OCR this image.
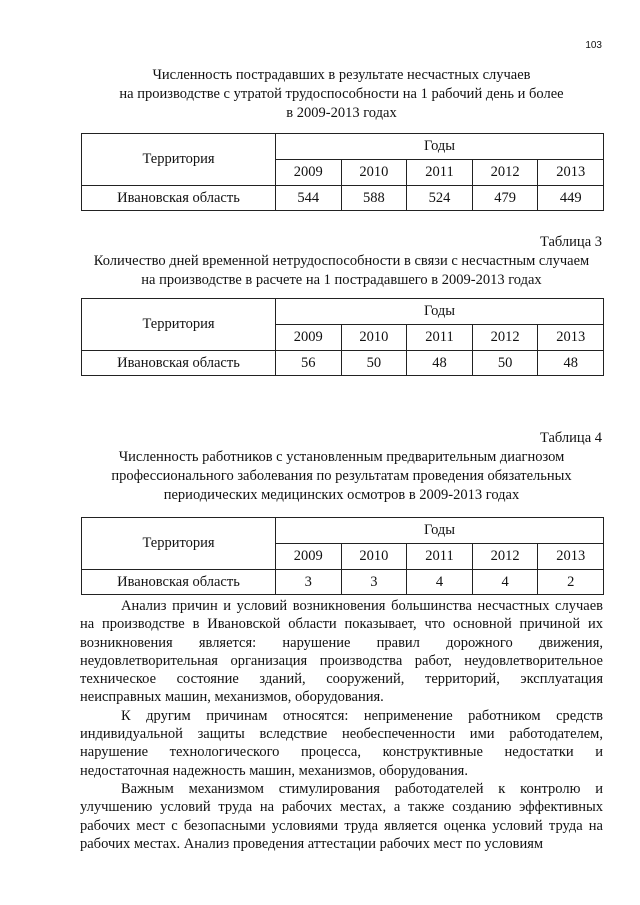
103
Численность пострадавших в результате несчастных случаев
на производстве с утратой трудоспособности на 1 рабочий день и более
в 2009-2013 годах
Территория	Годы				
	2009	2010	2011	2012	2013
Ивановская область	544	588	524	479	449
Таблица 3
Количество дней временной нетрудоспособности в связи с несчастным случаем
на производстве в расчете на 1 пострадавшего в 2009-2013 годах
Территория	Годы				
	2009	2010	2011	2012	2013
Ивановская область	56	50	48	50	48
Таблица 4
Численность работников с установленным предварительным диагнозом
профессионального заболевания по результатам проведения обязательных
периодических медицинских осмотров в 2009-2013 годах
Территория	Годы				
	2009	2010	2011	2012	2013
Ивановская область	3	3	4	4	2

Анализ причин и условий возникновения большинства несчастных случаев на производстве в Ивановской области показывает, что основной причиной их возникновения является: нарушение правил дорожного движения, неудовлетворительная организация производства работ, неудовлетворительное техническое состояние зданий, сооружений, территорий, эксплуатация неисправных машин, механизмов, оборудования.

К другим причинам относятся: неприменение работником средств индивидуальной защиты вследствие необеспеченности ими работодателем, нарушение технологического процесса, конструктивные недостатки и недостаточная надежность машин, механизмов, оборудования.

Важным механизмом стимулирования работодателей к контролю и улучшению условий труда на рабочих местах, а также созданию эффективных рабочих мест с безопасными условиями труда является оценка условий труда на рабочих местах. Анализ проведения аттестации рабочих мест по условиям
